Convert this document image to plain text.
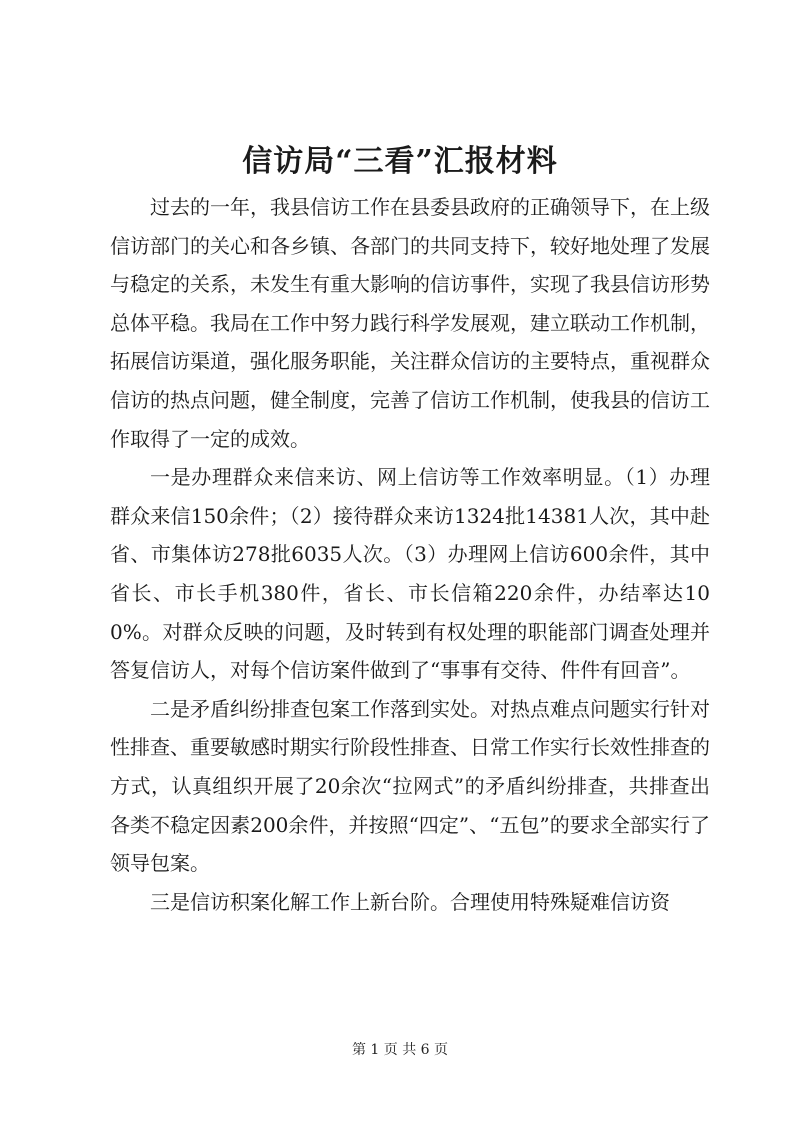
信访局“三看”汇报材料

过去的一年，我县信访工作在县委县政府的正确领导下，在上级信访部门的关心和各乡镇、各部门的共同支持下，较好地处理了发展与稳定的关系，未发生有重大影响的信访事件，实现了我县信访形势总体平稳。我局在工作中努力践行科学发展观，建立联动工作机制，拓展信访渠道，强化服务职能，关注群众信访的主要特点，重视群众信访的热点问题，健全制度，完善了信访工作机制，使我县的信访工作取得了一定的成效。

一是办理群众来信来访、网上信访等工作效率明显。（1）办理群众来信150余件；（2）接待群众来访1324批14381人次，其中赴省、市集体访278批6035人次。（3）办理网上信访600余件，其中省长、市长手机380件，省长、市长信箱220余件，办结率达100%。对群众反映的问题，及时转到有权处理的职能部门调查处理并答复信访人，对每个信访案件做到了“事事有交待、件件有回音”。

二是矛盾纠纷排查包案工作落到实处。对热点难点问题实行针对性排查、重要敏感时期实行阶段性排查、日常工作实行长效性排查的方式，认真组织开展了20余次“拉网式”的矛盾纠纷排查，共排查出各类不稳定因素200余件，并按照“四定”、“五包”的要求全部实行了领导包案。

三是信访积案化解工作上新台阶。合理使用特殊疑难信访资

第 1 页 共 6 页
